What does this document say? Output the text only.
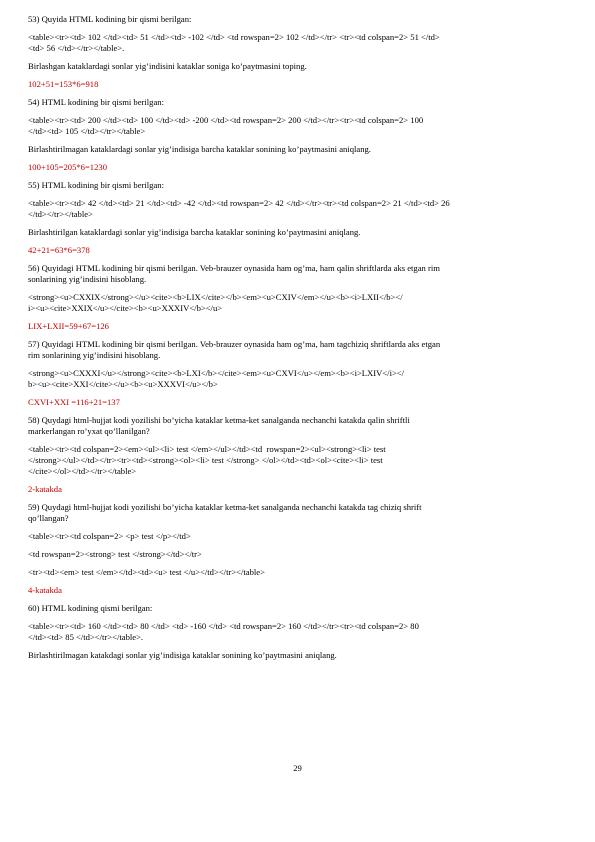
53) Quyida HTML kodining bir qismi berilgan:
<table><tr><td> 102 </td><td> 51 </td><td> -102 </td> <td rowspan=2> 102 </td></tr> <tr><td colspan=2> 51 </td>
<td> 56 </td></tr></table>.
Birlashgan kataklardagi sonlar yig’indisini kataklar soniga ko’paytmasini toping.
102+51=153*6=918
54) HTML kodining bir qismi berilgan:
<table><tr><td> 200 </td><td> 100 </td><td> -200 </td><td rowspan=2> 200 </td></tr><tr><td colspan=2> 100
</td><td> 105 </td></tr></table>
Birlashtirilmagan kataklardagi sonlar yig’indisiga barcha kataklar sonining ko’paytmasini aniqlang.
100+105=205*6=1230
55) HTML kodining bir qismi berilgan:
<table><tr><td> 42 </td><td> 21 </td><td> -42 </td><td rowspan=2> 42 </td></tr><tr><td colspan=2> 21 </td><td> 26
</td></tr></table>
Birlashtirilgan kataklardagi sonlar yig’indisiga barcha kataklar sonining ko’paytmasini aniqlang.
42+21=63*6=378
56) Quyidagi HTML kodining bir qismi berilgan. Veb-brauzer oynasida ham og’ma, ham qalin shriftlarda aks etgan rim
sonlarining yig’indisini hisoblang.
<strong><u>CXXIX</strong></u><cite><b>LIX</cite></b><em><u>CXIV</em></u><b><i>LXII</b></
i><u><cite>XXIX</u></cite><b><u>XXXIV</b></u>
LIX+LXII=59+67=126
57) Quyidagi HTML kodining bir qismi berilgan. Veb-brauzer oynasida ham og’ma, ham tagchiziq shriftlarda aks etgan
rim sonlarining yig’indisini hisoblang.
<strong><u>CXXXI</u></strong><cite><b>LXI</b></cite><em><u>CXVI</u></em><b><i>LXIV</i></
b><u><cite>XXI</cite></u><b><u>XXXVI</u></b>
CXVI+XXI =116+21=137
58) Quydagi html-hujjat kodi yozilishi bo’yicha kataklar ketma-ket sanalganda nechanchi katakda qalin shriftli
markerlangan ro’yxat qo’llanilgan?
<table><tr><td colspan=2><em><ul><li> test </em></ul></td><td  rowspan=2><ul><strong><li> test
</strong></ul></td></tr><tr><td><strong><ol><li> test </strong> </ol></td><td><ol><cite><li> test
</cite></ol></td></tr></table>
2-katakda
59) Quydagi html-hujjat kodi yozilishi bo’yicha kataklar ketma-ket sanalganda nechanchi katakda tag chiziq shrift
qo’llangan?
<table><tr><td colspan=2> <p> test </p></td>
<td rowspan=2><strong> test </strong></td></tr>
<tr><td><em> test </em></td><td><u> test </u></td></tr></table>
4-katakda
60) HTML kodining qismi berilgan:
<table><tr><td> 160 </td><td> 80 </td> <td> -160 </td> <td rowspan=2> 160 </td></tr><tr><td colspan=2> 80
</td><td> 85 </td></tr></table>.
Birlashtirilmagan katakdagi sonlar yig’indisiga kataklar sonining ko’paytmasini aniqlang.
29
